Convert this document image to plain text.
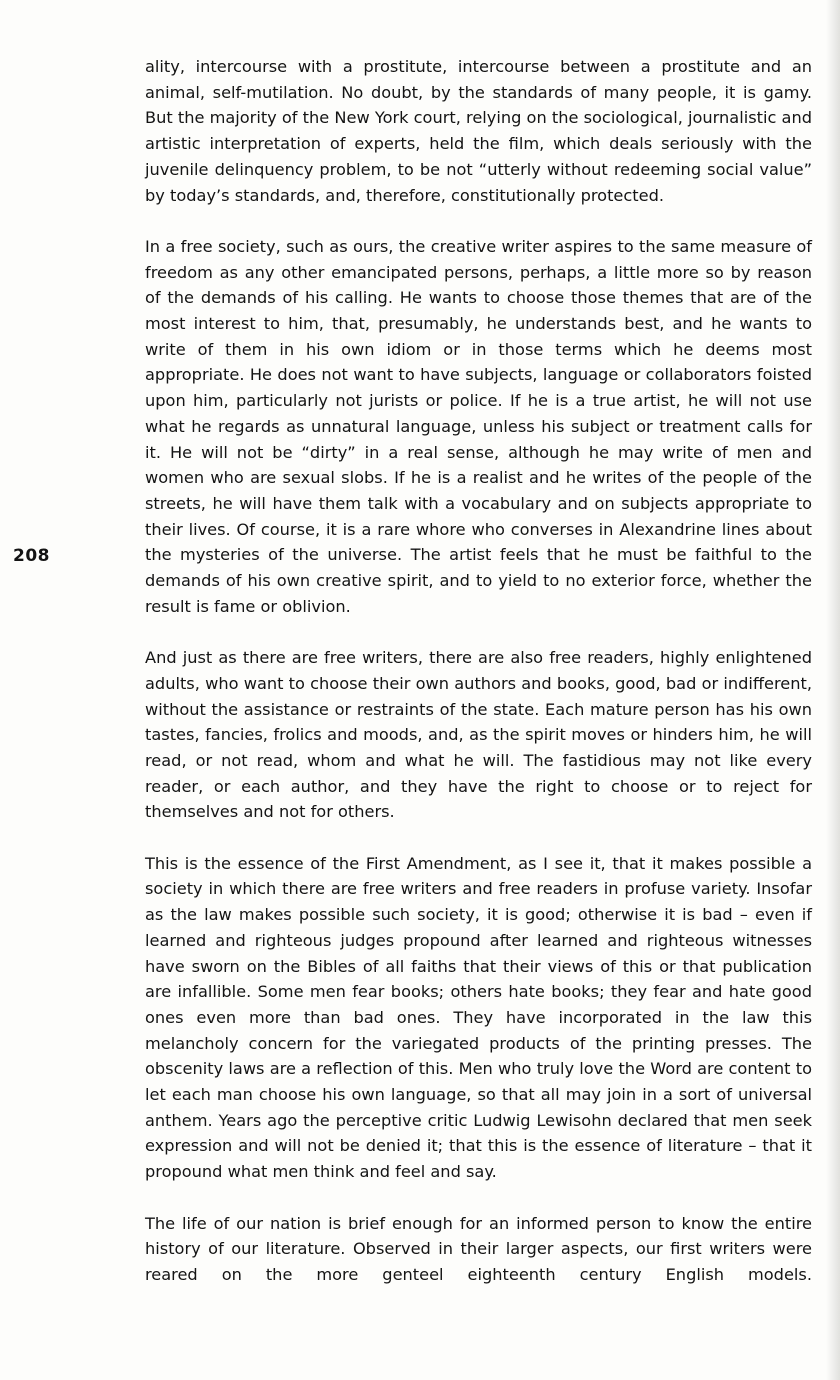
208

ality, intercourse with a prostitute, intercourse between a prostitute and an animal, self-mutilation. No doubt, by the standards of many people, it is gamy. But the majority of the New York court, relying on the sociological, journalistic and artistic interpretation of experts, held the film, which deals seriously with the juvenile delinquency problem, to be not “utterly without redeeming social value” by today’s standards, and, therefore, constitutionally protected.

In a free society, such as ours, the creative writer aspires to the same measure of freedom as any other emancipated persons, perhaps, a little more so by reason of the demands of his calling. He wants to choose those themes that are of the most interest to him, that, presumably, he understands best, and he wants to write of them in his own idiom or in those terms which he deems most appropriate. He does not want to have subjects, language or collaborators foisted upon him, particularly not jurists or police. If he is a true artist, he will not use what he regards as unnatural language, unless his subject or treatment calls for it. He will not be “dirty” in a real sense, although he may write of men and women who are sexual slobs. If he is a realist and he writes of the people of the streets, he will have them talk with a vocabulary and on subjects appropriate to their lives. Of course, it is a rare whore who converses in Alexandrine lines about the mysteries of the universe. The artist feels that he must be faithful to the demands of his own creative spirit, and to yield to no exterior force, whether the result is fame or oblivion.

And just as there are free writers, there are also free readers, highly enlightened adults, who want to choose their own authors and books, good, bad or indifferent, without the assistance or restraints of the state. Each mature person has his own tastes, fancies, frolics and moods, and, as the spirit moves or hinders him, he will read, or not read, whom and what he will. The fastidious may not like every reader, or each author, and they have the right to choose or to reject for themselves and not for others.

This is the essence of the First Amendment, as I see it, that it makes possible a society in which there are free writers and free readers in profuse variety. Insofar as the law makes possible such society, it is good; otherwise it is bad – even if learned and righteous judges propound after learned and righteous witnesses have sworn on the Bibles of all faiths that their views of this or that publication are infallible. Some men fear books; others hate books; they fear and hate good ones even more than bad ones. They have incorporated in the law this melancholy concern for the variegated products of the printing presses. The obscenity laws are a reflection of this. Men who truly love the Word are content to let each man choose his own language, so that all may join in a sort of universal anthem. Years ago the perceptive critic Ludwig Lewisohn declared that men seek expression and will not be denied it; that this is the essence of literature – that it propound what men think and feel and say.

The life of our nation is brief enough for an informed person to know the entire history of our literature. Observed in their larger aspects, our first writers were reared on the more genteel eighteenth century English models.
